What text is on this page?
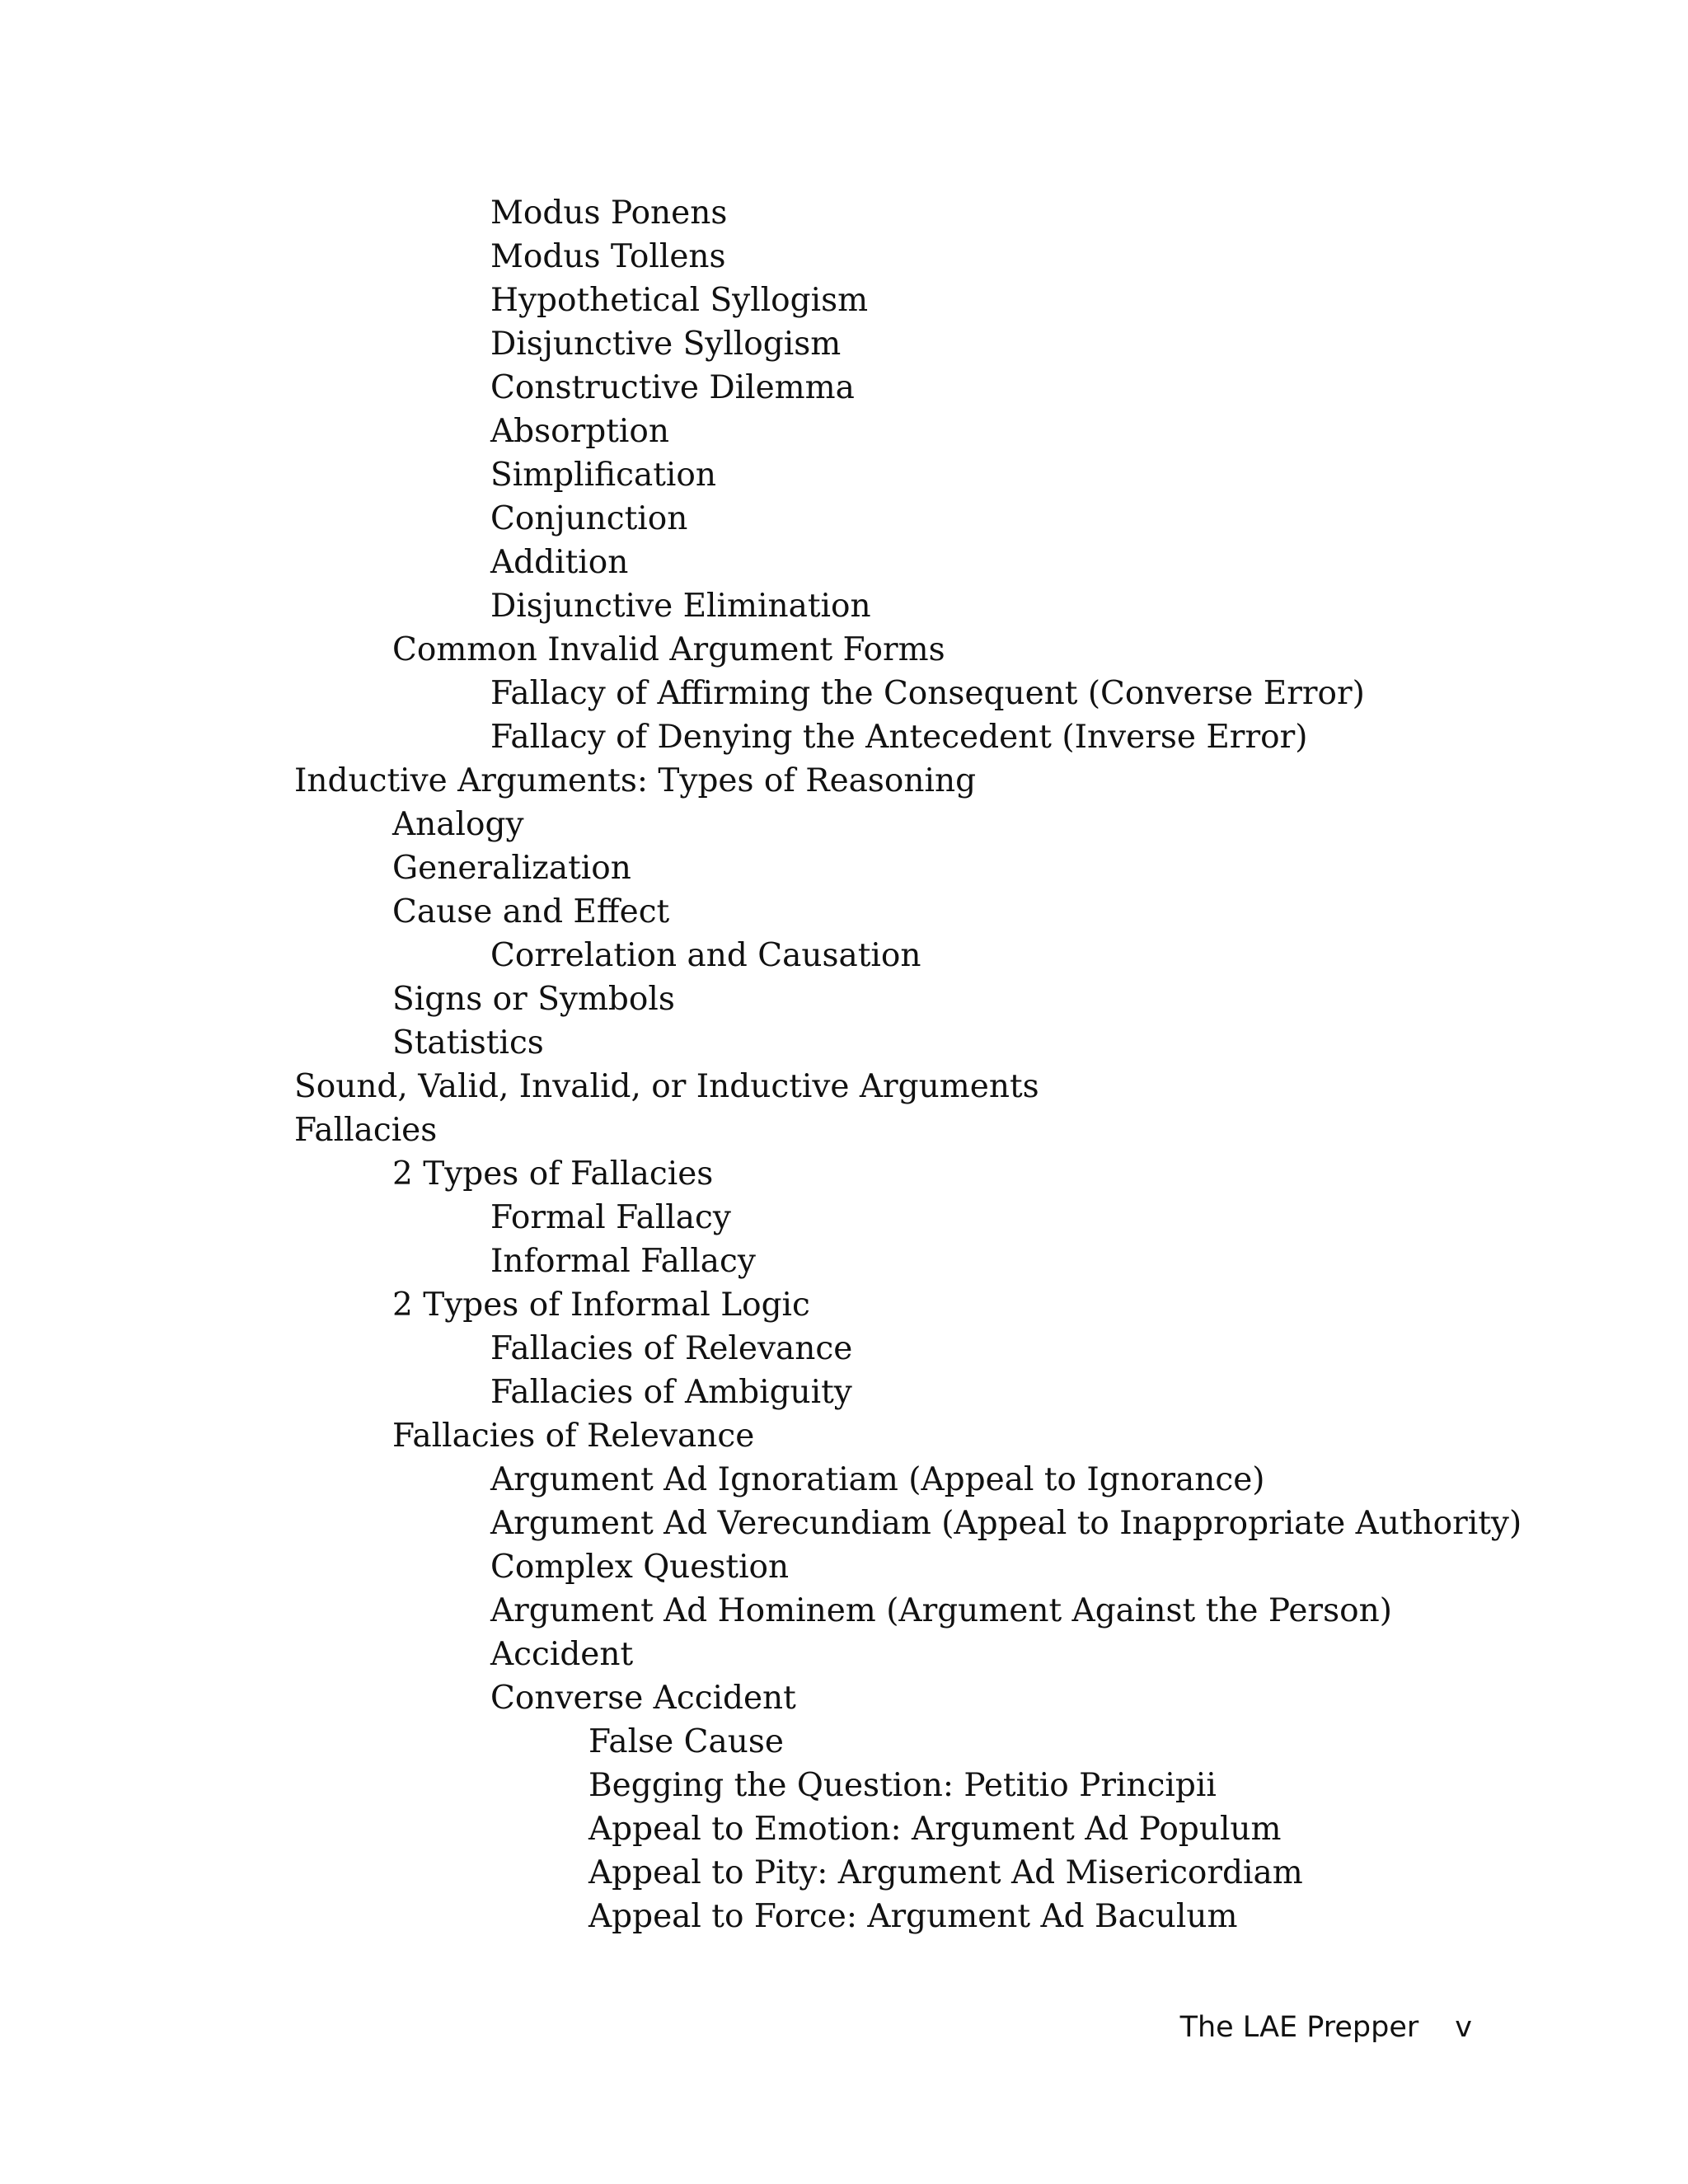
Modus Ponens
Modus Tollens
Hypothetical Syllogism
Disjunctive Syllogism
Constructive Dilemma
Absorption
Simplification
Conjunction
Addition
Disjunctive Elimination
Common Invalid Argument Forms
Fallacy of Affirming the Consequent (Converse Error)
Fallacy of Denying the Antecedent (Inverse Error)
Inductive Arguments: Types of Reasoning
Analogy
Generalization
Cause and Effect
Correlation and Causation
Signs or Symbols
Statistics
Sound, Valid, Invalid, or Inductive Arguments
Fallacies
2 Types of Fallacies
Formal Fallacy
Informal Fallacy
2 Types of Informal Logic
Fallacies of Relevance
Fallacies of Ambiguity
Fallacies of Relevance
Argument Ad Ignoratiam (Appeal to Ignorance)
Argument Ad Verecundiam (Appeal to Inappropriate Authority)
Complex Question
Argument Ad Hominem (Argument Against the Person)
Accident
Converse Accident
False Cause
Begging the Question: Petitio Principii
Appeal to Emotion: Argument Ad Populum
Appeal to Pity: Argument Ad Misericordiam
Appeal to Force: Argument Ad Baculum
The LAE Prepper v
